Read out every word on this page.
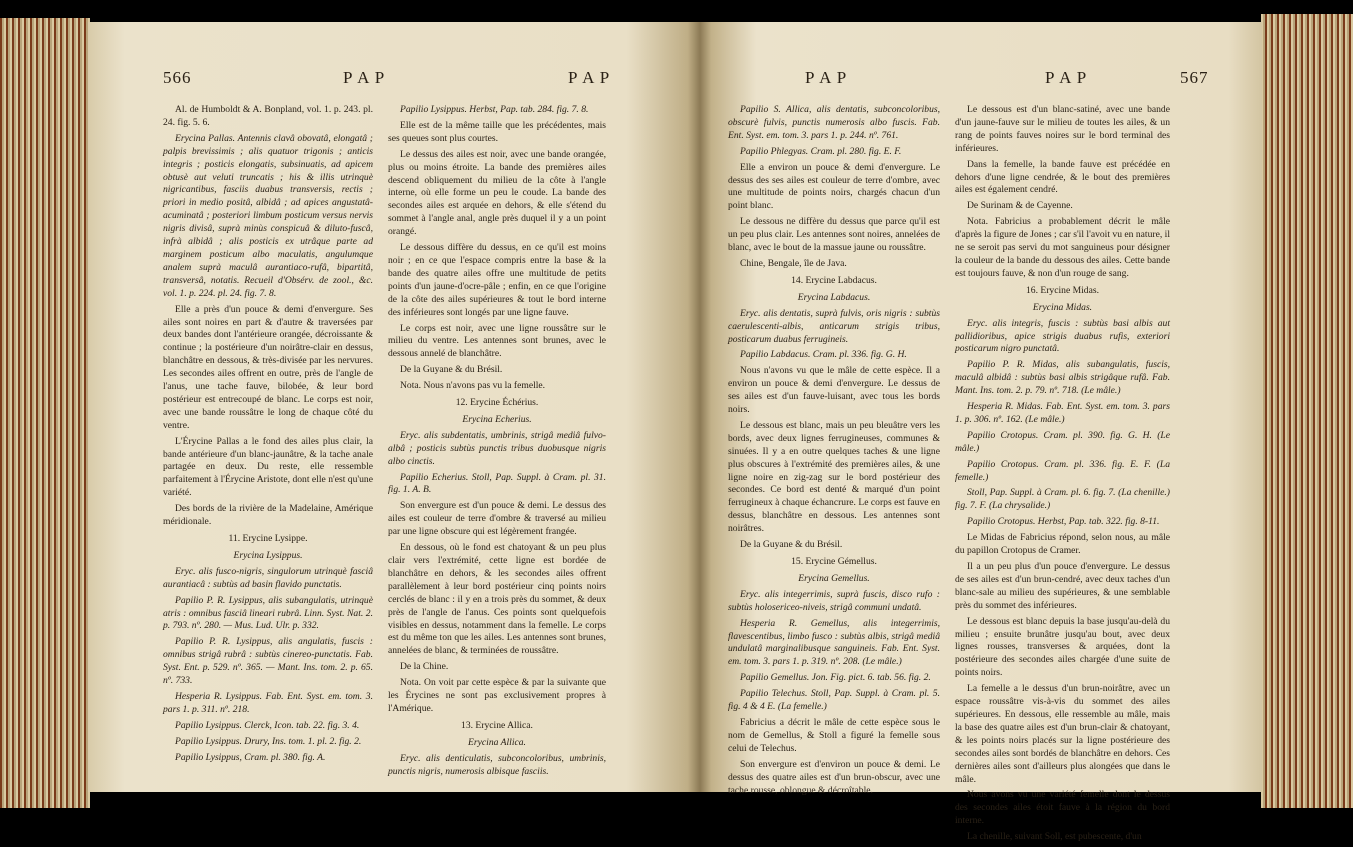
566	P A P	P A P

Al. de Humboldt & A. Bonpland, vol. 1. p. 243. pl. 24. fig. 5. 6.

Erycina Pallas. Antennis clavâ obovatâ, elongatâ ; palpis brevissimis ; alis quatuor trigonis ; anticis integris ; posticis elongatis, subsinuatis, ad apicem obtusè aut veluti truncatis ; his & illis utrinquè nigricantibus, fasciis duabus transversis, rectis ; priori in medio positâ, albidâ ; ad apices angustatâ-acuminatâ ; posteriori limbum posticum versus nervis nigris divisâ, suprà minùs conspicuâ & diluto-fuscâ, infrà albidâ ; alis posticis ex utrâque parte ad marginem posticum albo maculatis, angulumque analem suprà maculâ aurantiaco-rufâ, bipartitâ, transversâ, notatis. Recueil d'Obsérv. de zool., &c. vol. 1. p. 224. pl. 24. fig. 7. 8.

Elle a près d'un pouce & demi d'envergure. Ses ailes sont noires en part & d'autre & traversées par deux bandes dont l'antérieure orangée, décroissante & continue ; la postérieure d'un noirâtre-clair en dessus, blanchâtre en dessous, & très-divisée par les nervures. Les secondes ailes offrent en outre, près de l'angle de l'anus, une tache fauve, bilobée, & leur bord postérieur est entrecoupé de blanc. Le corps est noir, avec une bande roussâtre le long de chaque côté du ventre.

L'Érycine Pallas a le fond des ailes plus clair, la bande antérieure d'un blanc-jaunâtre, & la tache anale partagée en deux. Du reste, elle ressemble parfaitement à l'Érycine Aristote, dont elle n'est qu'une variété.

Des bords de la rivière de la Madelaine, Amérique méridionale.

11. Erycine Lysippe.

Erycina Lysippus.

Eryc. alis fusco-nigris, singulorum utrinquè fasciâ aurantiacâ : subtùs ad basin flavido punctatis.

Papilio P. R. Lysippus, alis subangulatis, utrinquè atris : omnibus fasciâ lineari rubrâ. Linn. Syst. Nat. 2. p. 793. nº. 280. — Mus. Lud. Ulr. p. 332.

Papilio P. R. Lysippus, alis angulatis, fuscis : omnibus strigâ rubrâ : subtùs cinereo-punctatis. Fab. Syst. Ent. p. 529. nº. 365. — Mant. Ins. tom. 2. p. 65. nº. 733.

Hesperia R. Lysippus. Fab. Ent. Syst. em. tom. 3. pars 1. p. 311. nº. 218.

Papilio Lysippus. Clerck, Icon. tab. 22. fig. 3. 4.

Papilio Lysippus. Drury, Ins. tom. 1. pl. 2. fig. 2.

Papilio Lysippus, Cram. pl. 380. fig. A.

Papilio Lysippus. Herbst, Pap. tab. 284. fig. 7. 8.

Elle est de la même taille que les précédentes, mais ses queues sont plus courtes.

Le dessus des ailes est noir, avec une bande orangée, plus ou moins étroite. La bande des premières ailes descend obliquement du milieu de la côte à l'angle interne, où elle forme un peu le coude. La bande des secondes ailes est arquée en dehors, & elle s'étend du sommet à l'angle anal, angle près duquel il y a un point orangé.

Le dessous diffère du dessus, en ce qu'il est moins noir ; en ce que l'espace compris entre la base & la bande des quatre ailes offre une multitude de petits points d'un jaune-d'ocre-pâle ; enfin, en ce que l'origine de la côte des ailes supérieures & tout le bord interne des inférieures sont longés par une ligne fauve.

Le corps est noir, avec une ligne roussâtre sur le milieu du ventre. Les antennes sont brunes, avec le dessous annelé de blanchâtre.

De la Guyane & du Brésil.

Nota. Nous n'avons pas vu la femelle.

12. Erycine Échérius.

Erycina Echerius.

Eryc. alis subdentatis, umbrinis, strigâ mediâ fulvo-albâ ; posticis subtùs punctis tribus duobusque nigris albo cinctis.

Papilio Echerius. Stoll, Pap. Suppl. à Cram. pl. 31. fig. 1. A. B.

Son envergure est d'un pouce & demi. Le dessus des ailes est couleur de terre d'ombre & traversé au milieu par une ligne obscure qui est légèrement frangée.

En dessous, où le fond est chatoyant & un peu plus clair vers l'extrémité, cette ligne est bordée de blanchâtre en dehors, & les secondes ailes offrent parallèlement à leur bord postérieur cinq points noirs cerclés de blanc : il y en a trois près du sommet, & deux près de l'angle de l'anus. Ces points sont quelquefois visibles en dessus, notamment dans la femelle. Le corps est du même ton que les ailes. Les antennes sont brunes, annelées de blanc, & terminées de roussâtre.

De la Chine.

Nota. On voit par cette espèce & par la suivante que les Érycines ne sont pas exclusivement propres à l'Amérique.

13. Erycine Allica.

Erycina Allica.

Eryc. alis denticulatis, subconcoloribus, umbrinis, punctis nigris, numerosis albisque fasciis.

P A P	P A P	567

Papilio S. Allica, alis dentatis, subconcoloribus, obscurè fulvis, punctis numerosis albo fuscis. Fab. Ent. Syst. em. tom. 3. pars 1. p. 244. nº. 761.

Papilio Phlegyas. Cram. pl. 280. fig. E. F.

Elle a environ un pouce & demi d'envergure. Le dessus des ses ailes est couleur de terre d'ombre, avec une multitude de points noirs, chargés chacun d'un point blanc.

Le dessous ne diffère du dessus que parce qu'il est un peu plus clair. Les antennes sont noires, annelées de blanc, avec le bout de la massue jaune ou roussâtre.

Chine, Bengale, île de Java.

14. Erycine Labdacus.

Erycina Labdacus.

Eryc. alis dentatis, suprà fulvis, oris nigris : subtùs caerulescenti-albis, anticarum strigis tribus, posticarum duabus ferrugineis.

Papilio Labdacus. Cram. pl. 336. fig. G. H.

Nous n'avons vu que le mâle de cette espèce. Il a environ un pouce & demi d'envergure. Le dessus de ses ailes est d'un fauve-luisant, avec tous les bords noirs.

Le dessous est blanc, mais un peu bleuâtre vers les bords, avec deux lignes ferrugineuses, communes & sinuées. Il y a en outre quelques taches & une ligne plus obscures à l'extrémité des premières ailes, & une ligne noire en zig-zag sur le bord postérieur des secondes. Ce bord est denté & marqué d'un point ferrugineux à chaque échancrure. Le corps est fauve en dessus, blanchâtre en dessous. Les antennes sont noirâtres.

De la Guyane & du Brésil.

15. Erycine Gémellus.

Erycina Gemellus.

Eryc. alis integerrimis, suprà fuscis, disco rufo : subtùs holosericeo-niveis, strigâ communi undatâ.

Hesperia R. Gemellus, alis integerrimis, flavescentibus, limbo fusco : subtùs albis, strigâ mediâ undulatâ marginalibusque sanguineis. Fab. Ent. Syst. em. tom. 3. pars 1. p. 319. nº. 208. (Le mâle.)

Papilio Gemellus. Jon. Fig. pict. 6. tab. 56. fig. 2.

Papilio Telechus. Stoll, Pap. Suppl. à Cram. pl. 5. fig. 4 & 4 E. (La femelle.)

Fabricius a décrit le mâle de cette espèce sous le nom de Gemellus, & Stoll a figuré la femelle sous celui de Telechus.

Son envergure est d'environ un pouce & demi. Le dessus des quatre ailes est d'un brun-obscur, avec une tache rousse, oblongue & décroîtable.

Le dessous est d'un blanc-satiné, avec une bande d'un jaune-fauve sur le milieu de toutes les ailes, & un rang de points fauves noires sur le bord terminal des inférieures.

Dans la femelle, la bande fauve est précédée en dehors d'une ligne cendrée, & le bout des premières ailes est également cendré.

De Surinam & de Cayenne.

Nota. Fabricius a probablement décrit le mâle d'après la figure de Jones ; car s'il l'avoit vu en nature, il ne se seroit pas servi du mot sanguineus pour désigner la couleur de la bande du dessous des ailes. Cette bande est toujours fauve, & non d'un rouge de sang.

16. Erycine Midas.

Erycina Midas.

Eryc. alis integris, fuscis : subtùs basi albis aut pallidioribus, apice strigis duabus rufis, exteriori posticarum nigro punctatâ.

Papilio P. R. Midas, alis subangulatis, fuscis, maculâ albidâ : subtùs basi albis strigâque rufâ. Fab. Mant. Ins. tom. 2. p. 79. nº. 718. (Le mâle.)

Hesperia R. Midas. Fab. Ent. Syst. em. tom. 3. pars 1. p. 306. nº. 162. (Le mâle.)

Papilio Crotopus. Cram. pl. 390. fig. G. H. (Le mâle.)

Papilio Crotopus. Cram. pl. 336. fig. E. F. (La femelle.)

Stoll, Pap. Suppl. à Cram. pl. 6. fig. 7. (La chenille.) fig. 7. F. (La chrysalide.)

Papilio Crotopus. Herbst, Pap. tab. 322. fig. 8-11.

Le Midas de Fabricius répond, selon nous, au mâle du papillon Crotopus de Cramer.

Il a un peu plus d'un pouce d'envergure. Le dessus de ses ailes est d'un brun-cendré, avec deux taches d'un blanc-sale au milieu des supérieures, & une semblable près du sommet des inférieures.

Le dessous est blanc depuis la base jusqu'au-delà du milieu ; ensuite brunâtre jusqu'au bout, avec deux lignes rousses, transverses & arquées, dont la postérieure des secondes ailes chargée d'une suite de points noirs.

La femelle a le dessus d'un brun-noirâtre, avec un espace roussâtre vis-à-vis du sommet des ailes supérieures. En dessous, elle ressemble au mâle, mais la base des quatre ailes est d'un brun-clair & chatoyant, & les points noirs placés sur la ligne postérieure des secondes ailes sont bordés de blanchâtre en dehors. Ces dernières ailes sont d'ailleurs plus alongées que dans le mâle.

Nous avons vu une variété femelle dont le dessus des secondes ailes étoit fauve à la région du bord interne.

La chenille, suivant Soll, est pubescente, d'un
